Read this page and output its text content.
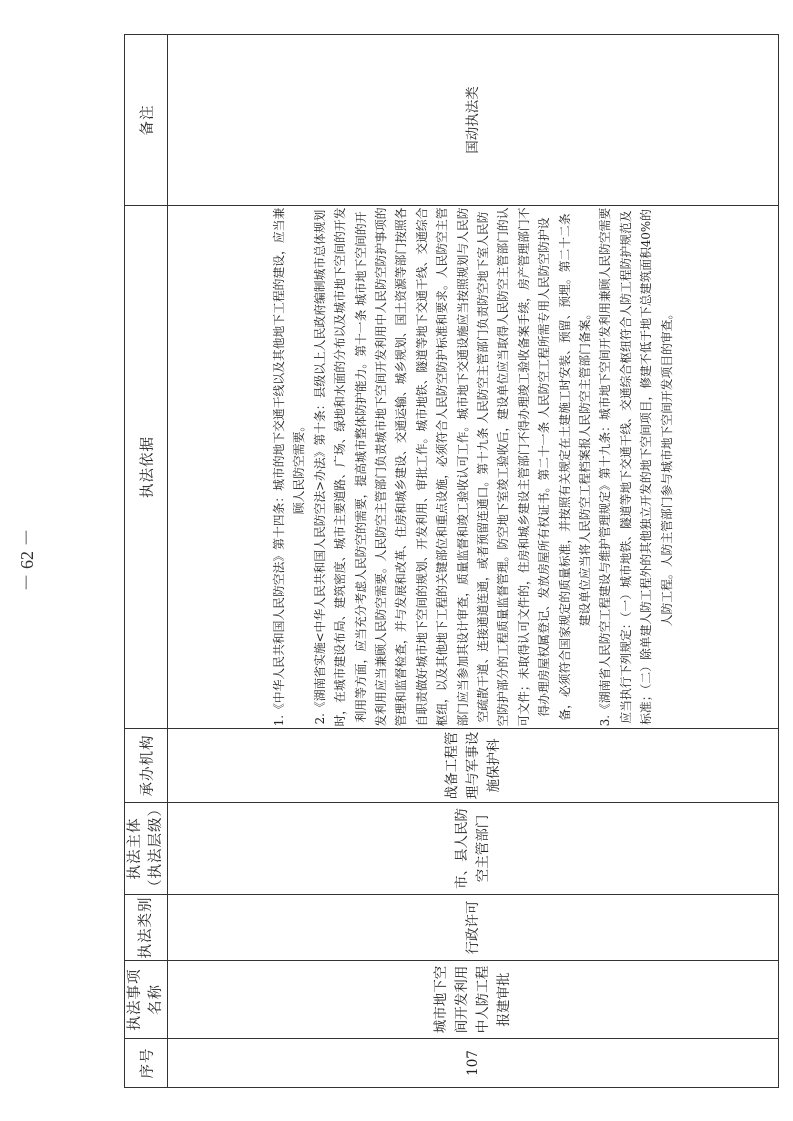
－ 62 －
序号	执法事项名称	执法类别	执法主体（执法层级）	承办机构	执法依据	备注
107	城市地下空间开发利用中人防工程报建审批	行政许可	市、县人民防空主管部门	战备工程管理与军事设施保护科	1.《中华人民共和国人民防空法》第十四条：城市的地下交通干线以及其他地下工程的建设，应当兼顾人民防空需要。 2.《湖南省实施<中华人民共和国人民防空法>办法》第十条：县级以上人民政府编制城市总体规划时，在城市建设布局、建筑密度、城市主要道路、广场、绿地和水面的分布以及城市地下空间的开发利用等方面，应当充分考虑人民防空的需要，提高城市整体防护能力。第十一条 城市地下空间的开发利用应当兼顾人民防空需要。人民防空主管部门负责城市地下空间开发利用中人民防空防护事项的管理和监督检查，并与发展和改革、住房和城乡建设、交通运输、城乡规划、国土资源等部门按照各自职责做好城市地下空间的规划、开发利用、审批工作。城市地铁、隧道等地下交通干线、交通综合枢纽，以及其他地下工程的关键部位和重点设施，必须符合人民防空防护标准和要求。人民防空主管部门应当参加其设计审查，质量监督和竣工验收认可工作。城市地下交通设施应当按照规划与人民防空疏散干道、连接通道连通，或者预留连通口。第十九条 人民防空主管部门负责防空地下室人民防空防护部分的工程质量监督管理。防空地下室竣工验收后，建设单位应当取得人民防空主管部门的认可文件；未取得认可文件的，住房和城乡建设主管部门不得办理竣工验收备案手续，房产管理部门不得办理房屋权属登记、发放房屋所有权证书。第二十一条 人民防空工程所需专用人民防空防护设备，必须符合国家规定的质量标准，并按照有关规定在土建施工时安装、预留、预埋。第二十二条 建设单位应当将人民防空工程档案报人民防空主管部门备案。 3.《湖南省人民防空工程建设与维护管理规定》第十九条：城市地下空间开发利用兼顾人民防空需要应当执行下列规定：（一）城市地铁、隧道等地下交通干线、交通综合枢纽符合人防工程防护规范及标准；（二）除单建人防工程外的其他独立开发的地下空间项目，修建不低于地下总建筑面积40%的人防工程。人防主管部门参与城市地下空间开发项目的审查。	国动执法类
